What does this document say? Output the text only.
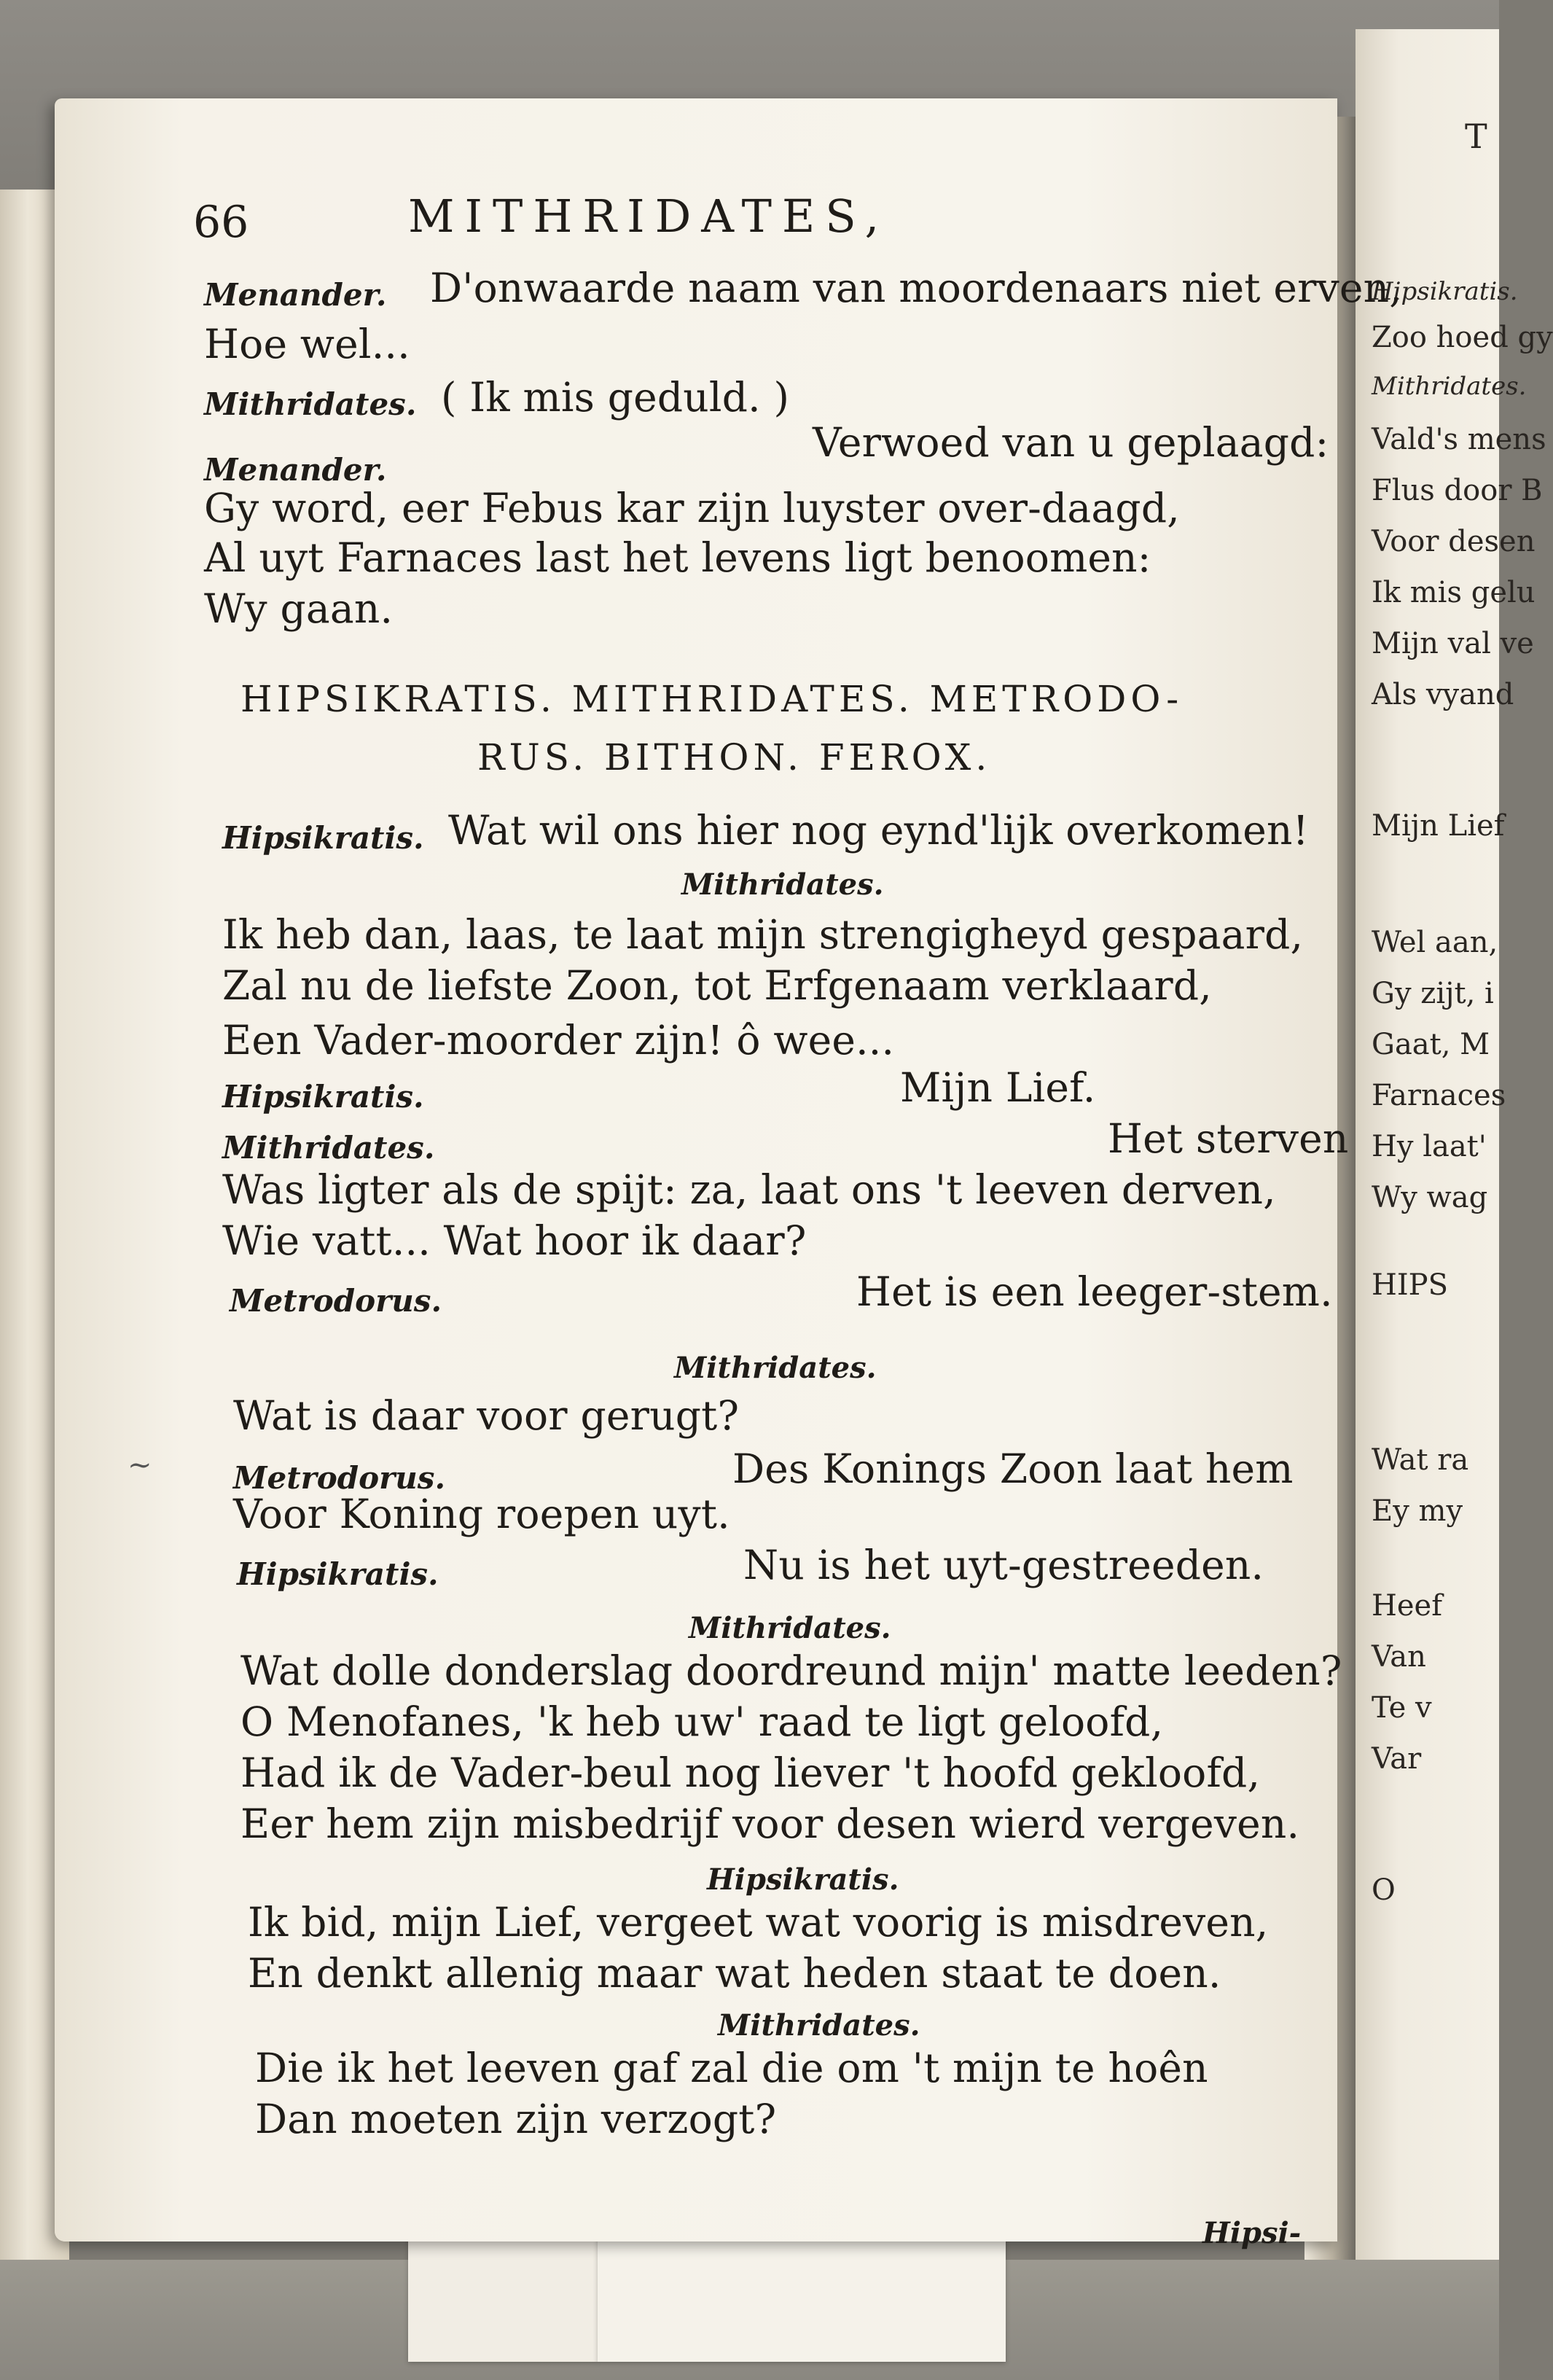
T
Hipsikratis.
Zoo hoed gy
Mithridates.
Vald's mens
Flus door B
Voor desen
Ik mis gelu
Mijn val ve
Als vyand
Mijn Lief
Wel aan,
Gy zijt, i
Gaat, M
Farnaces
Hy laat'
Wy wag
HIPS
Wat ra
Ey my
Heef
Van
Te v
Var
O
66	MITHRIDATES,
Menander. D'onwaarde naam van moordenaars niet erven,
Hoe wel...
Mithridates. ( Ik mis geduld. )
Menander.
Verwoed van u geplaagd:
Gy word, eer Febus kar zijn luyster over-daagd,
Al uyt Farnaces last het levens ligt benoomen:
Wy gaan.
HIPSIKRATIS. MITHRIDATES. METRODO-
RUS. BITHON. FEROX.
Hipsikratis. Wat wil ons hier nog eynd'lijk overkomen!
Mithridates.
Ik heb dan, laas, te laat mijn strengigheyd gespaard,
Zal nu de liefste Zoon, tot Erfgenaam verklaard,
Een Vader-moorder zijn! ô wee...
Hipsikratis.	Mijn Lief.
Mithridates.	Het sterven
Was ligter als de spijt: za, laat ons 't leeven derven,
Wie vatt... Wat hoor ik daar?
Metrodorus.	Het is een leeger-stem.
Mithridates.
Wat is daar voor gerugt?
~	Metrodorus.	Des Konings Zoon laat hem
Voor Koning roepen uyt.
Hipsikratis.	Nu is het uyt-gestreeden.
Mithridates.
Wat dolle donderslag doordreund mijn' matte leeden?
O Menofanes, 'k heb uw' raad te ligt geloofd,
Had ik de Vader-beul nog liever 't hoofd gekloofd,
Eer hem zijn misbedrijf voor desen wierd vergeven.
Hipsikratis.
Ik bid, mijn Lief, vergeet wat voorig is misdreven,
En denkt allenig maar wat heden staat te doen.
Mithridates.
Die ik het leeven gaf zal die om 't mijn te hoên
Dan moeten zijn verzogt?
Hipsi-
